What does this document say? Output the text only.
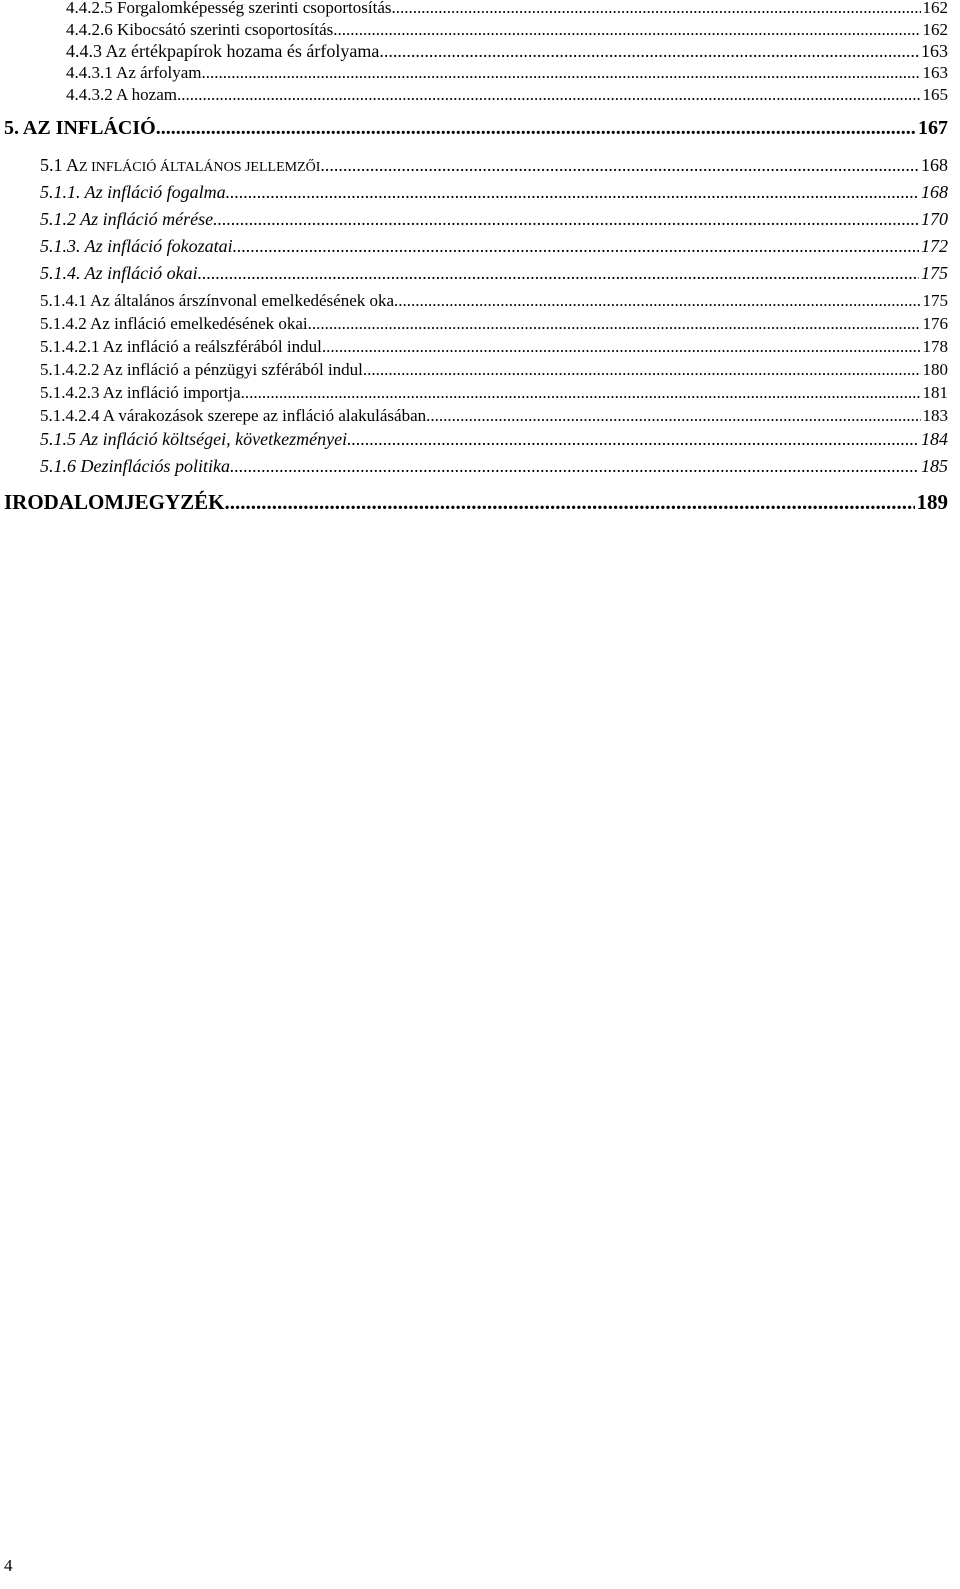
4.4.2.5 Forgalomképesség szerinti csoportosítás .....	162
4.4.2.6 Kibocsátó szerinti csoportosítás .....	162
4.4.3 Az értékpapírok hozama és árfolyama .....	163
4.4.3.1 Az árfolyam .....	163
4.4.3.2 A hozam .....	165
5. AZ INFLÁCIÓ .....	167
5.1 AZ INFLÁCIÓ ÁLTALÁNOS JELLEMZŐI .....	168
5.1.1. Az infláció fogalma .....	168
5.1.2 Az infláció mérése .....	170
5.1.3. Az infláció fokozatai .....	172
5.1.4. Az infláció okai .....	175
5.1.4.1 Az általános árszínvonal emelkedésének oka .....	175
5.1.4.2 Az infláció emelkedésének okai .....	176
5.1.4.2.1 Az infláció a reálszférából indul .....	178
5.1.4.2.2 Az infláció a pénzügyi szférából indul .....	180
5.1.4.2.3 Az infláció importja .....	181
5.1.4.2.4 A várakozások szerepe az infláció alakulásában .....	183
5.1.5 Az infláció költségei, következményei .....	184
5.1.6 Dezinflációs politika .....	185
IRODALOMJEGYZÉK .....	189
4
